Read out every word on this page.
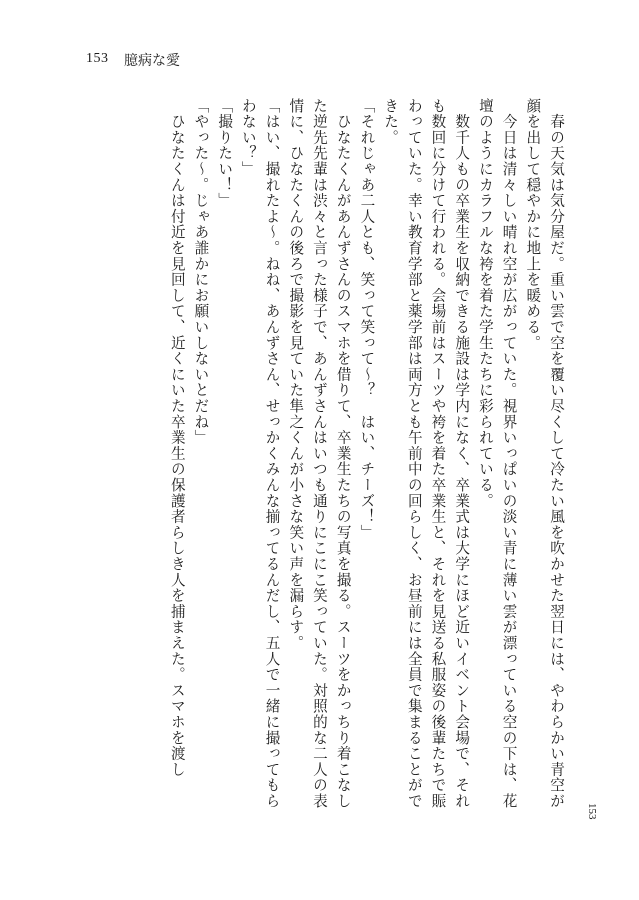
153 臆病な愛

　春の天気は気分屋だ。重い雲で空を覆い尽くして冷たい風を吹かせた翌日には、やわらかい青空が顔を出して穏やかに地上を暖める。

　今日は清々しい晴れ空が広がっていた。視界いっぱいの淡い青に薄い雲が漂っている空の下は、花壇のようにカラフルな袴を着た学生たちに彩られている。

　数千人もの卒業生を収納できる施設は学内になく、卒業式は大学にほど近いイベント会場で、それも数回に分けて行われる。会場前はスーツや袴を着た卒業生と、それを見送る私服姿の後輩たちで賑わっていた。幸い教育学部と薬学部は両方とも午前中の回らしく、お昼前には全員で集まることができた。

「それじゃあ二人とも、笑って笑って～？　はい、チーズ！」

　ひなたくんがあんずさんのスマホを借りて、卒業生たちの写真を撮る。スーツをかっちり着こなした逆先先輩は渋々と言った様子で、あんずさんはいつも通りにこにこ笑っていた。対照的な二人の表情に、ひなたくんの後ろで撮影を見ていた隼之くんが小さな笑い声を漏らす。

「はい、撮れたよ～。ねね、あんずさん、せっかくみんな揃ってるんだし、五人で一緒に撮ってもらわない？」

「撮りたい！」

「やった～。じゃあ誰かにお願いしないとだね」

　ひなたくんは付近を見回して、近くにいた卒業生の保護者らしき人を捕まえた。スマホを渡し

153
